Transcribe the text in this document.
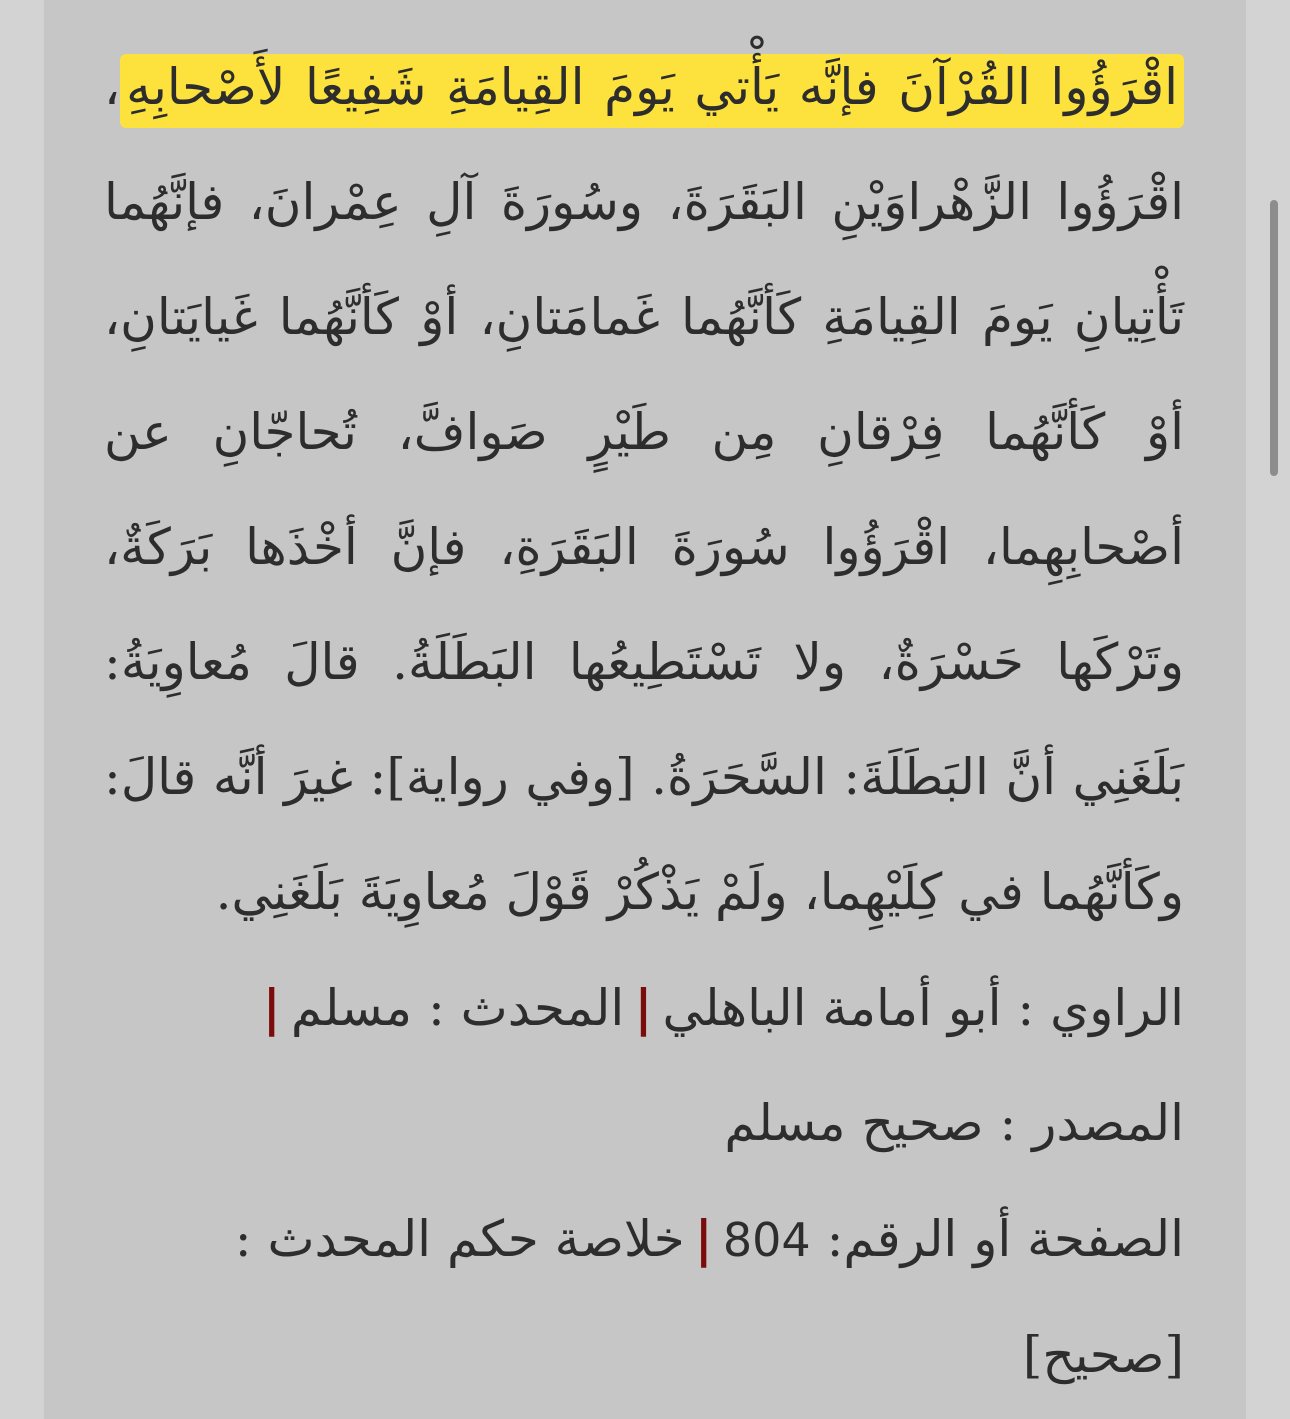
اقْرَؤُوا القُرْآنَ فإنَّه يَأْتي يَومَ القِيامَةِ شَفِيعًا لأَصْحابِهِ، اقْرَؤُوا الزَّهْراوَيْنِ البَقَرَةَ، وسُورَةَ آلِ عِمْرانَ، فإنَّهُما تَأْتِيانِ يَومَ القِيامَةِ كَأنَّهُما غَمامَتانِ، أوْ كَأنَّهُما غَيايَتانِ، أوْ كَأنَّهُما فِرْقانِ مِن طَيْرٍ صَوافَّ، تُحاجّانِ عن أصْحابِهِما، اقْرَؤُوا سُورَةَ البَقَرَةِ، فإنَّ أخْذَها بَرَكَةٌ، وتَرْكَها حَسْرَةٌ، ولا تَسْتَطِيعُها البَطَلَةُ. قالَ مُعاوِيَةُ: بَلَغَنِي أنَّ البَطَلَةَ: السَّحَرَةُ. [وفي رواية]: غيرَ أنَّه قالَ: وكَأنَّهُما في كِلَيْهِما، ولَمْ يَذْكُرْ قَوْلَ مُعاوِيَةَ بَلَغَنِي.

الراوي : أبو أمامة الباهلي|المحدث : مسلم|المصدر : صحيح مسلم

الصفحة أو الرقم: 804|خلاصة حكم المحدث : [صحيح]
